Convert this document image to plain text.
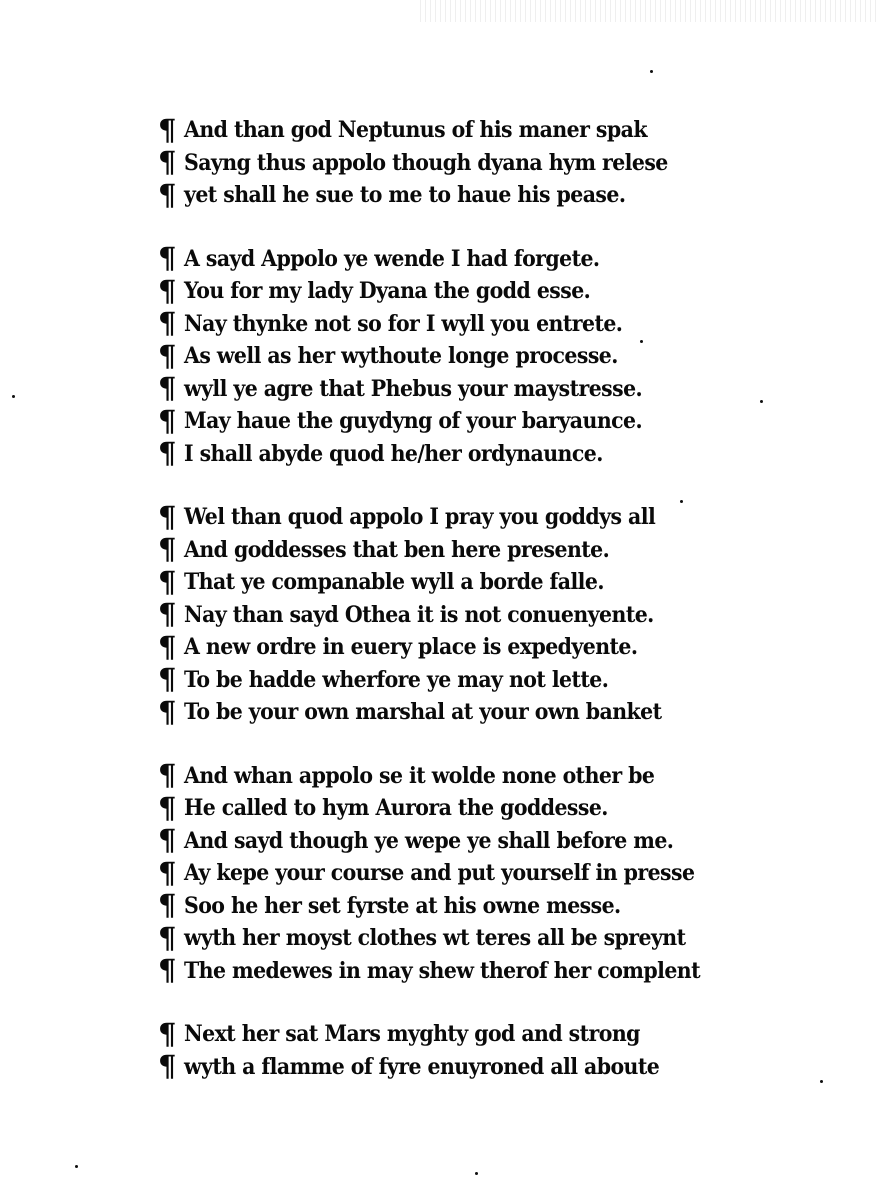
¶ And than god Neptunus of his maner spak
¶ Sayng thus appolo though dyana hym relese
¶ yet shall he sue to me to haue his pease.
¶ A sayd Appolo ye wende I had forgete.
¶ You for my lady Dyana the godd esse.
¶ Nay thynke not so for I wyll you entrete.
¶ As well as her wythoute longe processe.
¶ wyll ye agre that Phebus your maystresse.
¶ May haue the guydyng of your baryaunce.
¶ I shall abyde quod he/her ordynaunce.
¶ Wel than quod appolo I pray you goddys all
¶ And goddesses that ben here presente.
¶ That ye companable wyll a borde falle.
¶ Nay than sayd Othea it is not conuenyente.
¶ A new ordre in euery place is expedyente.
¶ To be hadde wherfore ye may not lette.
¶ To be your own marshal at your own banket
¶ And whan appolo se it wolde none other be
¶ He called to hym Aurora the goddesse.
¶ And sayd though ye wepe ye shall before me.
¶ Ay kepe your course and put yourself in presse
¶ Soo he her set fyrste at his owne messe.
¶ wyth her moyst clothes wt teres all be spreynt
¶ The medewes in may shew therof her complent
¶ Next her sat Mars myghty god and strong
¶ wyth a flamme of fyre enuyroned all aboute
